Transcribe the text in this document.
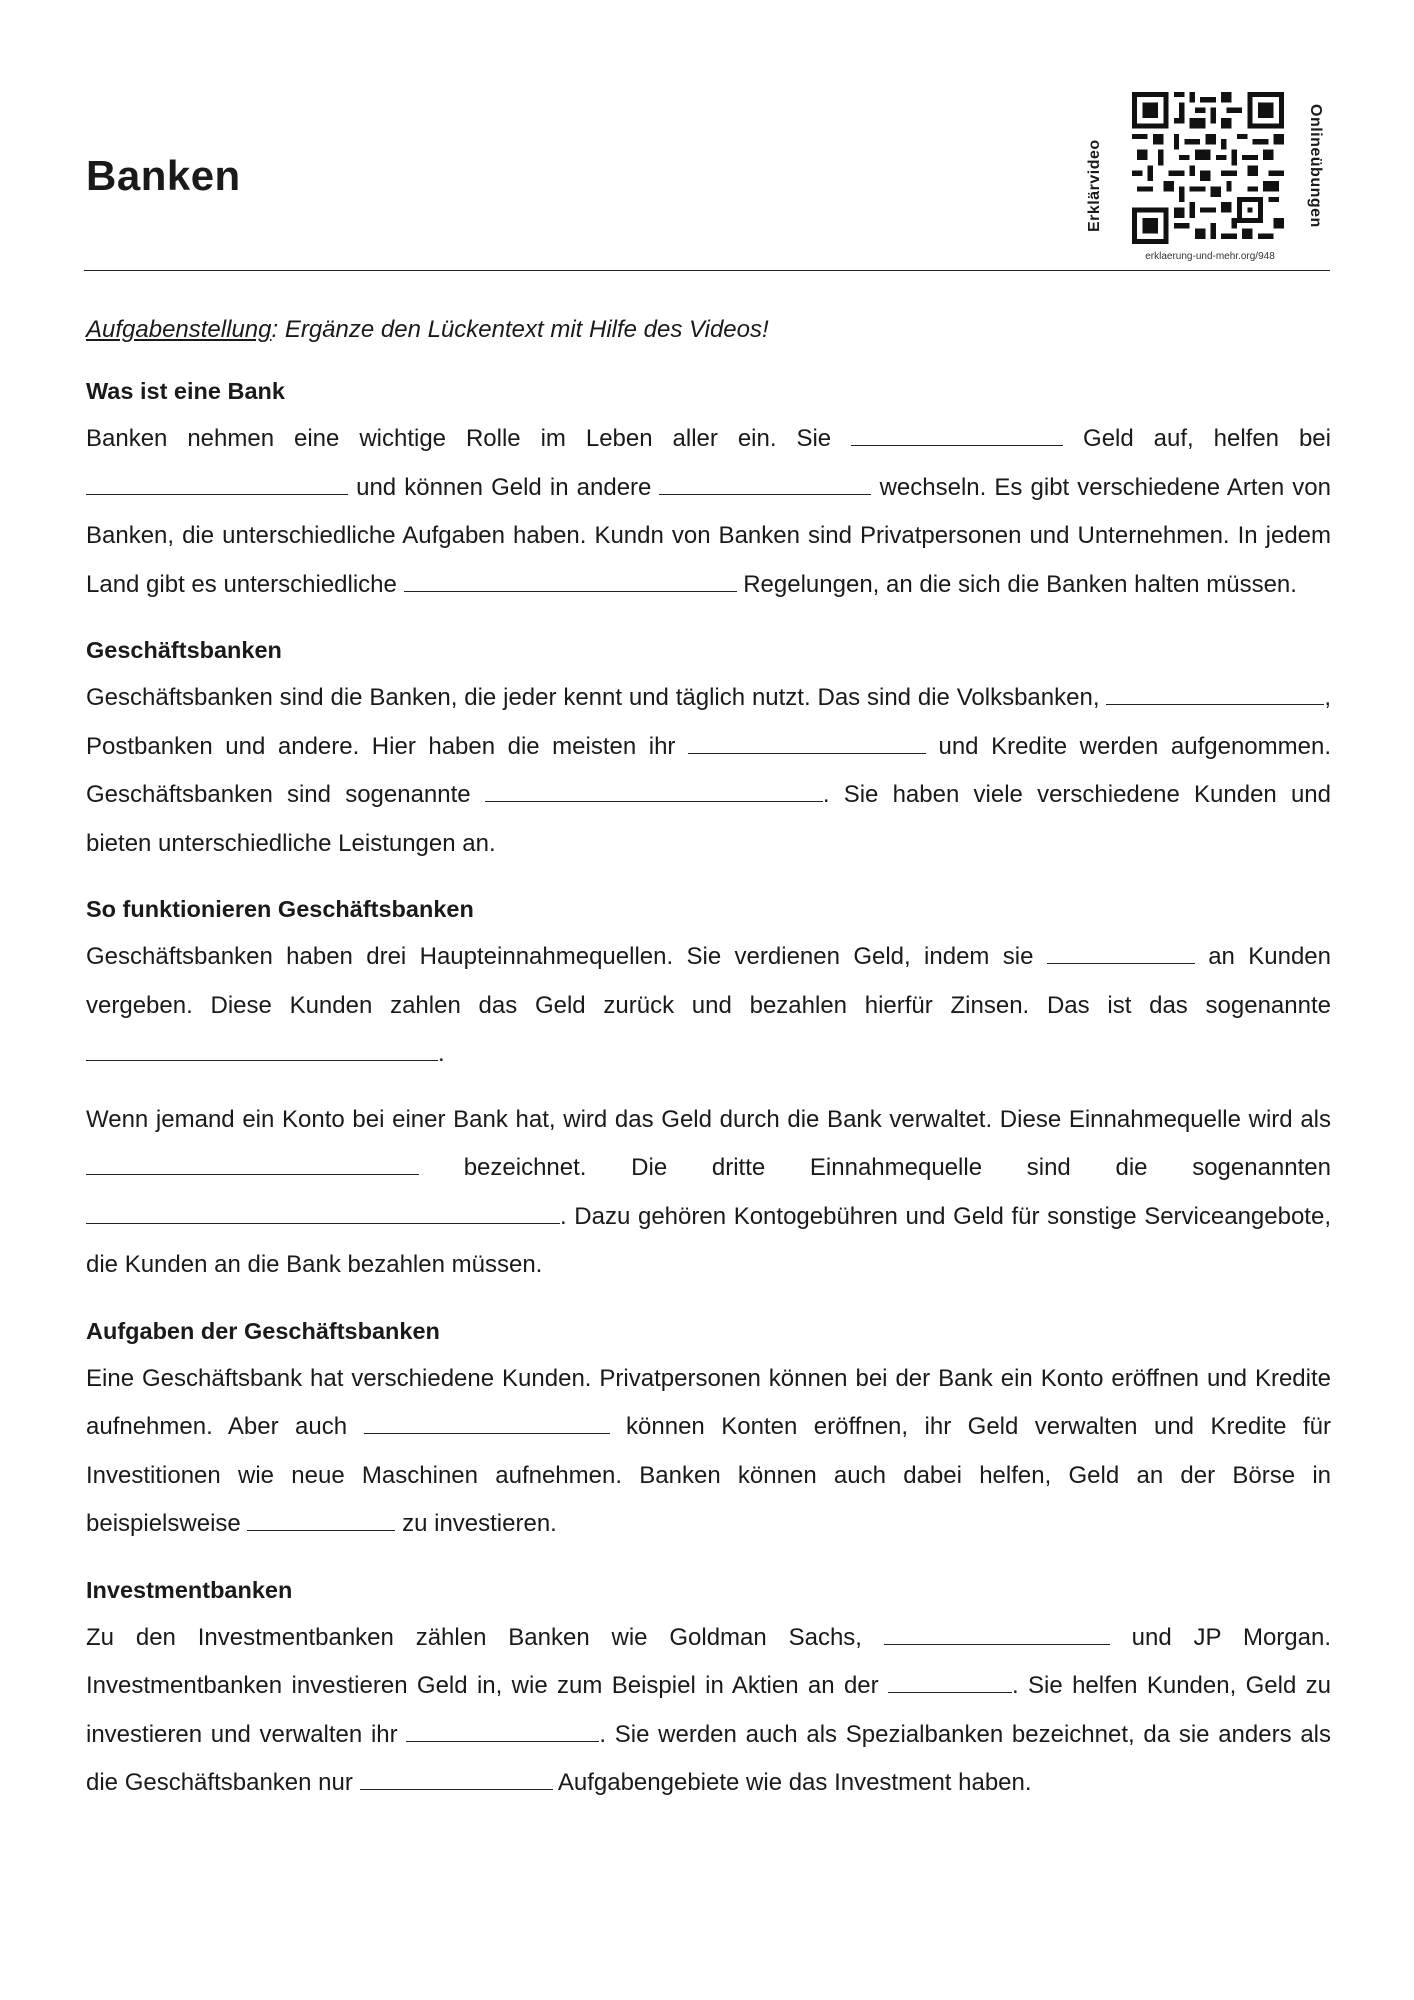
Banken	Erklärvideo	Onlineübungen
erklaerung-und-mehr.org/948

Aufgabenstellung: Ergänze den Lückentext mit Hilfe des Videos!

Was ist eine Bank

Banken nehmen eine wichtige Rolle im Leben aller ein. Sie	Geld auf, helfen bei  und können Geld in andere	wechseln. Es gibt verschiedene Arten von Banken, die unterschiedliche Aufgaben haben. Kundn von Banken sind Privatpersonen und Unternehmen. In jedem Land gibt es unterschiedliche	Regelungen, an die sich die Banken halten müssen.

Geschäftsbanken

Geschäftsbanken sind die Banken, die jeder kennt und täglich nutzt. Das sind die Volksbanken,	, Postbanken und andere. Hier haben die meisten ihr	und Kredite werden aufgenommen. Geschäftsbanken sind sogenannte	. Sie haben viele verschiedene Kunden und bieten unterschiedliche Leistungen an.

So funktionieren Geschäftsbanken

Geschäftsbanken haben drei Haupteinnahmequellen. Sie verdienen Geld, indem sie	an Kunden vergeben. Diese Kunden zahlen das Geld zurück und bezahlen hierfür Zinsen. Das ist das sogenannte .

Wenn jemand ein Konto bei einer Bank hat, wird das Geld durch die Bank verwaltet. Diese Einnahmequelle wird als  bezeichnet. Die dritte Einnahmequelle sind die sogenannten . Dazu gehören Kontogebühren und Geld für sonstige Serviceangebote, die Kunden an die Bank bezahlen müssen.

Aufgaben der Geschäftsbanken

Eine Geschäftsbank hat verschiedene Kunden. Privatpersonen können bei der Bank ein Konto eröffnen und Kredite aufnehmen. Aber auch	können Konten eröffnen, ihr Geld verwalten und Kredite für Investitionen wie neue Maschinen aufnehmen. Banken können auch dabei helfen, Geld an der Börse in beispielsweise	zu investieren.

Investmentbanken

Zu den Investmentbanken zählen Banken wie Goldman Sachs,	und JP Morgan. Investmentbanken investieren Geld in, wie zum Beispiel in Aktien an der	. Sie helfen Kunden, Geld zu investieren und verwalten ihr	. Sie werden auch als Spezialbanken bezeichnet, da sie anders als die Geschäftsbanken nur	Aufgabengebiete wie das Investment haben.
